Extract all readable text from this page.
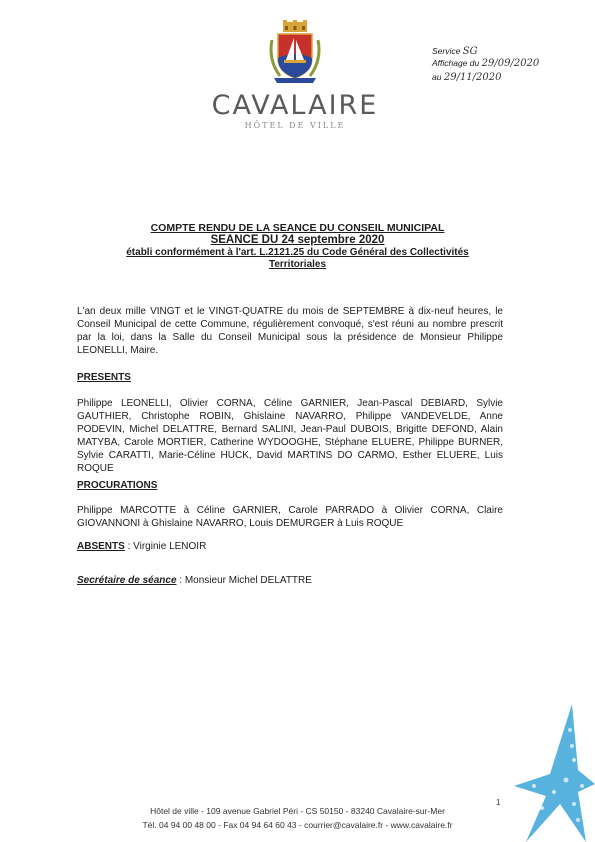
CAVALAIRE
HÔTEL DE VILLE
Service SG
Affichage du 29/09/2020
au 29/11/2020
COMPTE RENDU DE LA SEANCE DU CONSEIL MUNICIPAL
SEANCE DU 24 septembre 2020
établi conformément à l'art. L.2121.25 du Code Général des Collectivités
Territoriales

L'an deux mille VINGT et le VINGT-QUATRE du mois de SEPTEMBRE à dix-neuf heures, le Conseil Municipal de cette Commune, régulièrement convoqué, s'est réuni au nombre prescrit par la loi, dans la Salle du Conseil Municipal sous la présidence de Monsieur Philippe LEONELLI, Maire.

PRESENTS

Philippe LEONELLI, Olivier CORNA, Céline GARNIER, Jean-Pascal DEBIARD, Sylvie GAUTHIER, Christophe ROBIN, Ghislaine NAVARRO, Philippe VANDEVELDE, Anne PODEVIN, Michel DELATTRE, Bernard SALINI, Jean-Paul DUBOIS, Brigitte DEFOND, Alain MATYBA, Carole MORTIER, Catherine WYDOOGHE, Stéphane ELUERE, Philippe BURNER, Sylvie CARATTI, Marie-Céline HUCK, David MARTINS DO CARMO, Esther ELUERE, Luis ROQUE

PROCURATIONS

Philippe MARCOTTE à Céline GARNIER, Carole PARRADO à Olivier CORNA, Claire GIOVANNONI à Ghislaine NAVARRO, Louis DEMURGER à Luis ROQUE

ABSENTS : Virginie LENOIR
Secrétaire de séance : Monsieur Michel DELATTRE
1
Hôtel de ville - 109 avenue Gabriel Péri - CS 50150 - 83240 Cavalaire-sur-Mer
Tél. 04 94 00 48 00 - Fax 04 94 64 60 43 - courrier@cavalaire.fr - www.cavalaire.fr
